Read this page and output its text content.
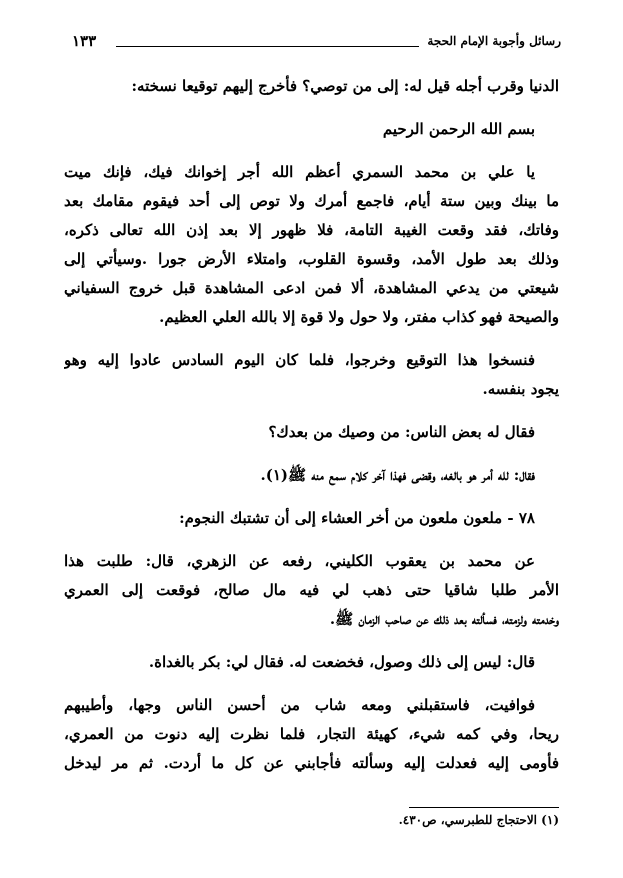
رسائل وأجوبة الإمام الحجة
١٣٣
الدنيا وقرب أجله قيل له: إلى من توصي؟ فأخرج إليهم توقيعا نسخته:
بسم الله الرحمن الرحيم
يا علي بن محمد السمري أعظم الله أجر إخوانك فيك، فإنك ميت
ما بينك وبين ستة أيام، فاجمع أمرك ولا توص إلى أحد فيقوم مقامك بعد
وفاتك، فقد وقعت الغيبة التامة، فلا ظهور إلا بعد إذن الله تعالى ذكره،
وذلك بعد طول الأمد، وقسوة القلوب، وامتلاء الأرض جورا .وسيأتي إلى
شيعتي من يدعي المشاهدة، ألا فمن ادعى المشاهدة قبل خروج السفياني
والصيحة فهو كذاب مفتر، ولا حول ولا قوة إلا بالله العلي العظيم.
فنسخوا هذا التوقيع وخرجوا، فلما كان اليوم السادس عادوا إليه وهو
يجود بنفسه.
فقال له بعض الناس: من وصيك من بعدك؟
فقال: لله أمر هو بالغه، وقضى فهذا آخر كلام سمع منه ﷺ(١).
٧٨ - ملعون ملعون من أخر العشاء إلى أن تشتبك النجوم:
عن محمد بن يعقوب الكليني، رفعه عن الزهري، قال: طلبت هذا
الأمر طلبا شاقيا حتى ذهب لي فيه مال صالح، فوقعت إلى العمري
وخدمته ولزمته، فسألته بعد ذلك عن صاحب الزمان ﷺ.
قال: ليس إلى ذلك وصول، فخضعت له. فقال لي: بكر بالغداة.
فوافيت، فاستقبلني ومعه شاب من أحسن الناس وجها، وأطيبهم
ريحا، وفي كمه شيء، كهيئة التجار، فلما نظرت إليه دنوت من العمري،
فأومى إليه فعدلت إليه وسألته فأجابني عن كل ما أردت. ثم مر ليدخل
(١) الاحتجاج للطبرسي، ص٤٣٠.
